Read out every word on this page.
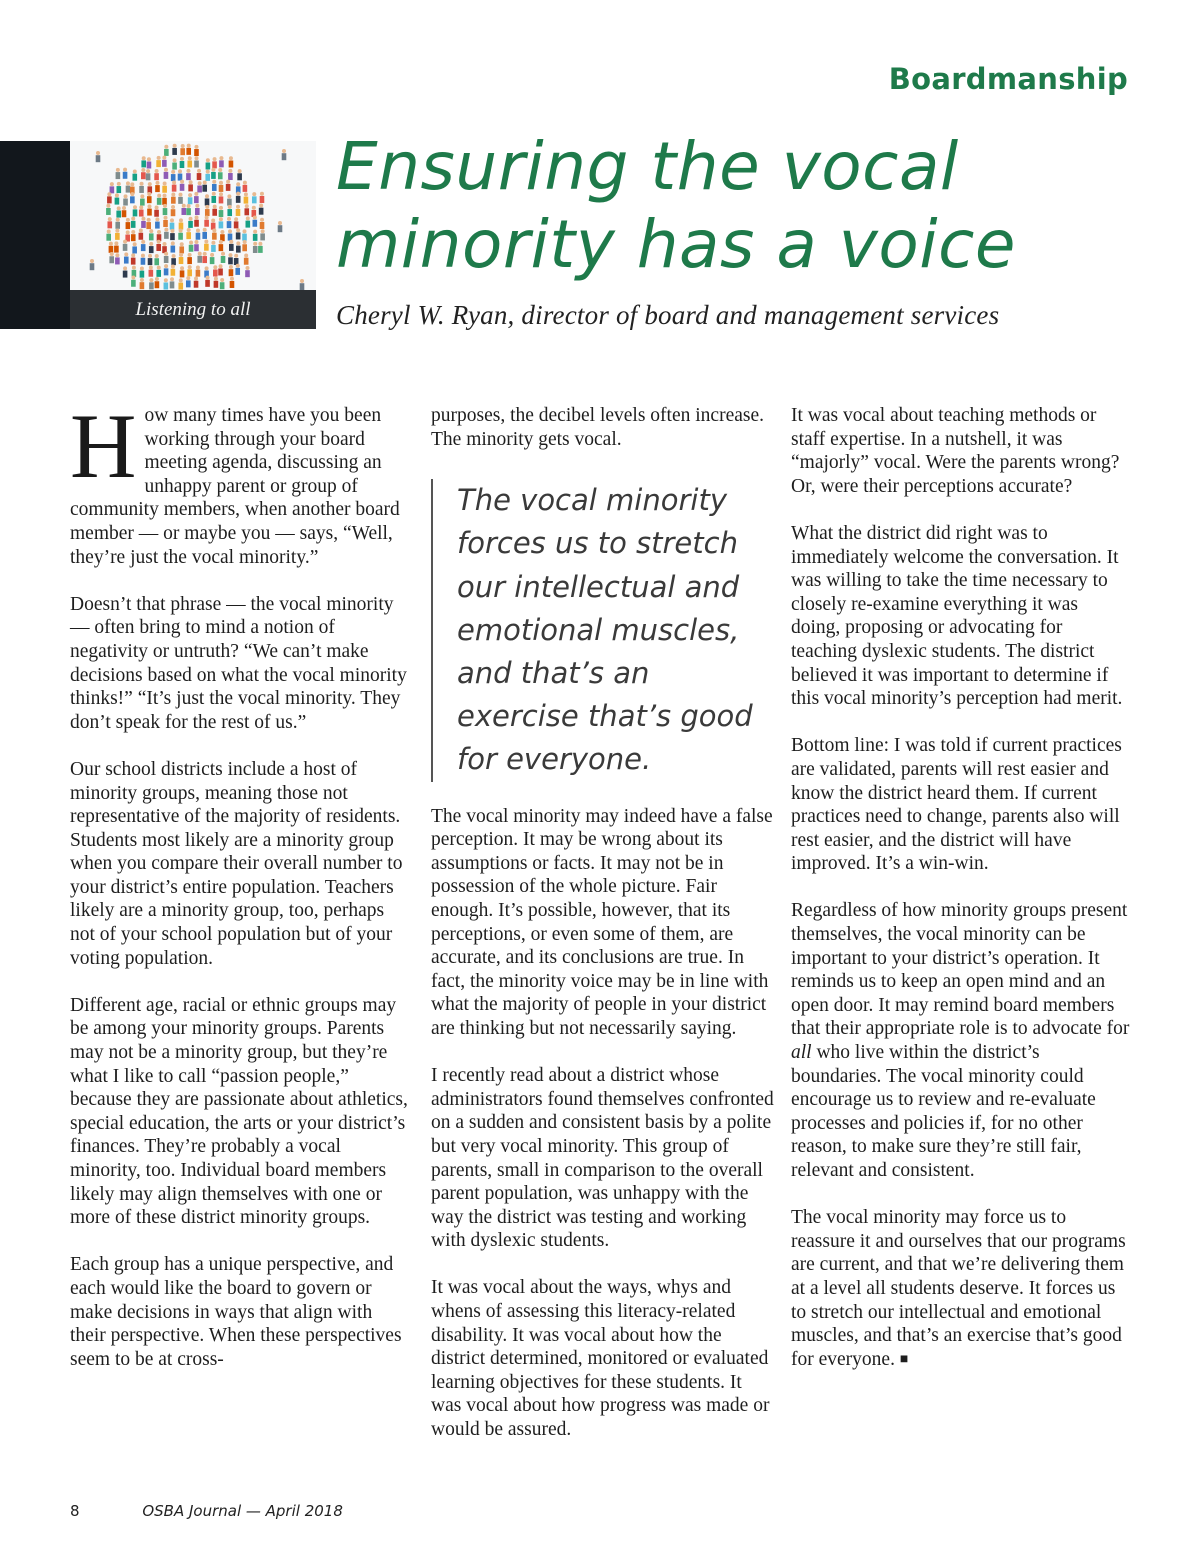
Boardmanship
Listening to all
Ensuring the vocal
minority has a voice
Cheryl W. Ryan, director of board and management services

How many times have you been working through your board meeting agenda, discussing an unhappy parent or group of community members, when another board member — or maybe you — says, “Well, they’re just the vocal minority.”

Doesn’t that phrase — the vocal minority — often bring to mind a notion of negativity or untruth? “We can’t make decisions based on what the vocal minority thinks!” “It’s just the vocal minority. They don’t speak for the rest of us.”

Our school districts include a host of minority groups, meaning those not representative of the majority of residents. Students most likely are a minority group when you compare their overall number to your district’s entire population. Teachers likely are a minority group, too, perhaps not of your school population but of your voting population.

Different age, racial or ethnic groups may be among your minority groups. Parents may not be a minority group, but they’re what I like to call “passion people,” because they are passionate about athletics, special education, the arts or your district’s finances. They’re probably a vocal minority, too. Individual board members likely may align themselves with one or more of these district minority groups.

Each group has a unique perspective, and each would like the board to govern or make decisions in ways that align with their perspective. When these perspectives seem to be at cross-

purposes, the decibel levels often increase. The minority gets vocal.

The vocal minority forces us to stretch our intellectual and emotional muscles, and that’s an exercise that’s good for everyone.

The vocal minority may indeed have a false perception. It may be wrong about its assumptions or facts. It may not be in possession of the whole picture. Fair enough. It’s possible, however, that its perceptions, or even some of them, are accurate, and its conclusions are true. In fact, the minority voice may be in line with what the majority of people in your district are thinking but not necessarily saying.

I recently read about a district whose administrators found themselves confronted on a sudden and consistent basis by a polite but very vocal minority. This group of parents, small in comparison to the overall parent population, was unhappy with the way the district was testing and working with dyslexic students.

It was vocal about the ways, whys and whens of assessing this literacy-related disability. It was vocal about how the district determined, monitored or evaluated learning objectives for these students. It was vocal about how progress was made or would be assured.

It was vocal about teaching methods or staff expertise. In a nutshell, it was “majorly” vocal. Were the parents wrong? Or, were their perceptions accurate?

What the district did right was to immediately welcome the conversation. It was willing to take the time necessary to closely re-examine everything it was doing, proposing or advocating for teaching dyslexic students. The district believed it was important to determine if this vocal minority’s perception had merit.

Bottom line: I was told if current practices are validated, parents will rest easier and know the district heard them. If current practices need to change, parents also will rest easier, and the district will have improved. It’s a win-win.

Regardless of how minority groups present themselves, the vocal minority can be important to your district’s operation. It reminds us to keep an open mind and an open door. It may remind board members that their appropriate role is to advocate for all who live within the district’s boundaries. The vocal minority could encourage us to review and re-evaluate processes and policies if, for no other reason, to make sure they’re still fair, relevant and consistent.

The vocal minority may force us to reassure it and ourselves that our programs are current, and that we’re delivering them at a level all students deserve. It forces us to stretch our intellectual and emotional muscles, and that’s an exercise that’s good for everyone. ■

8	OSBA Journal — April 2018
